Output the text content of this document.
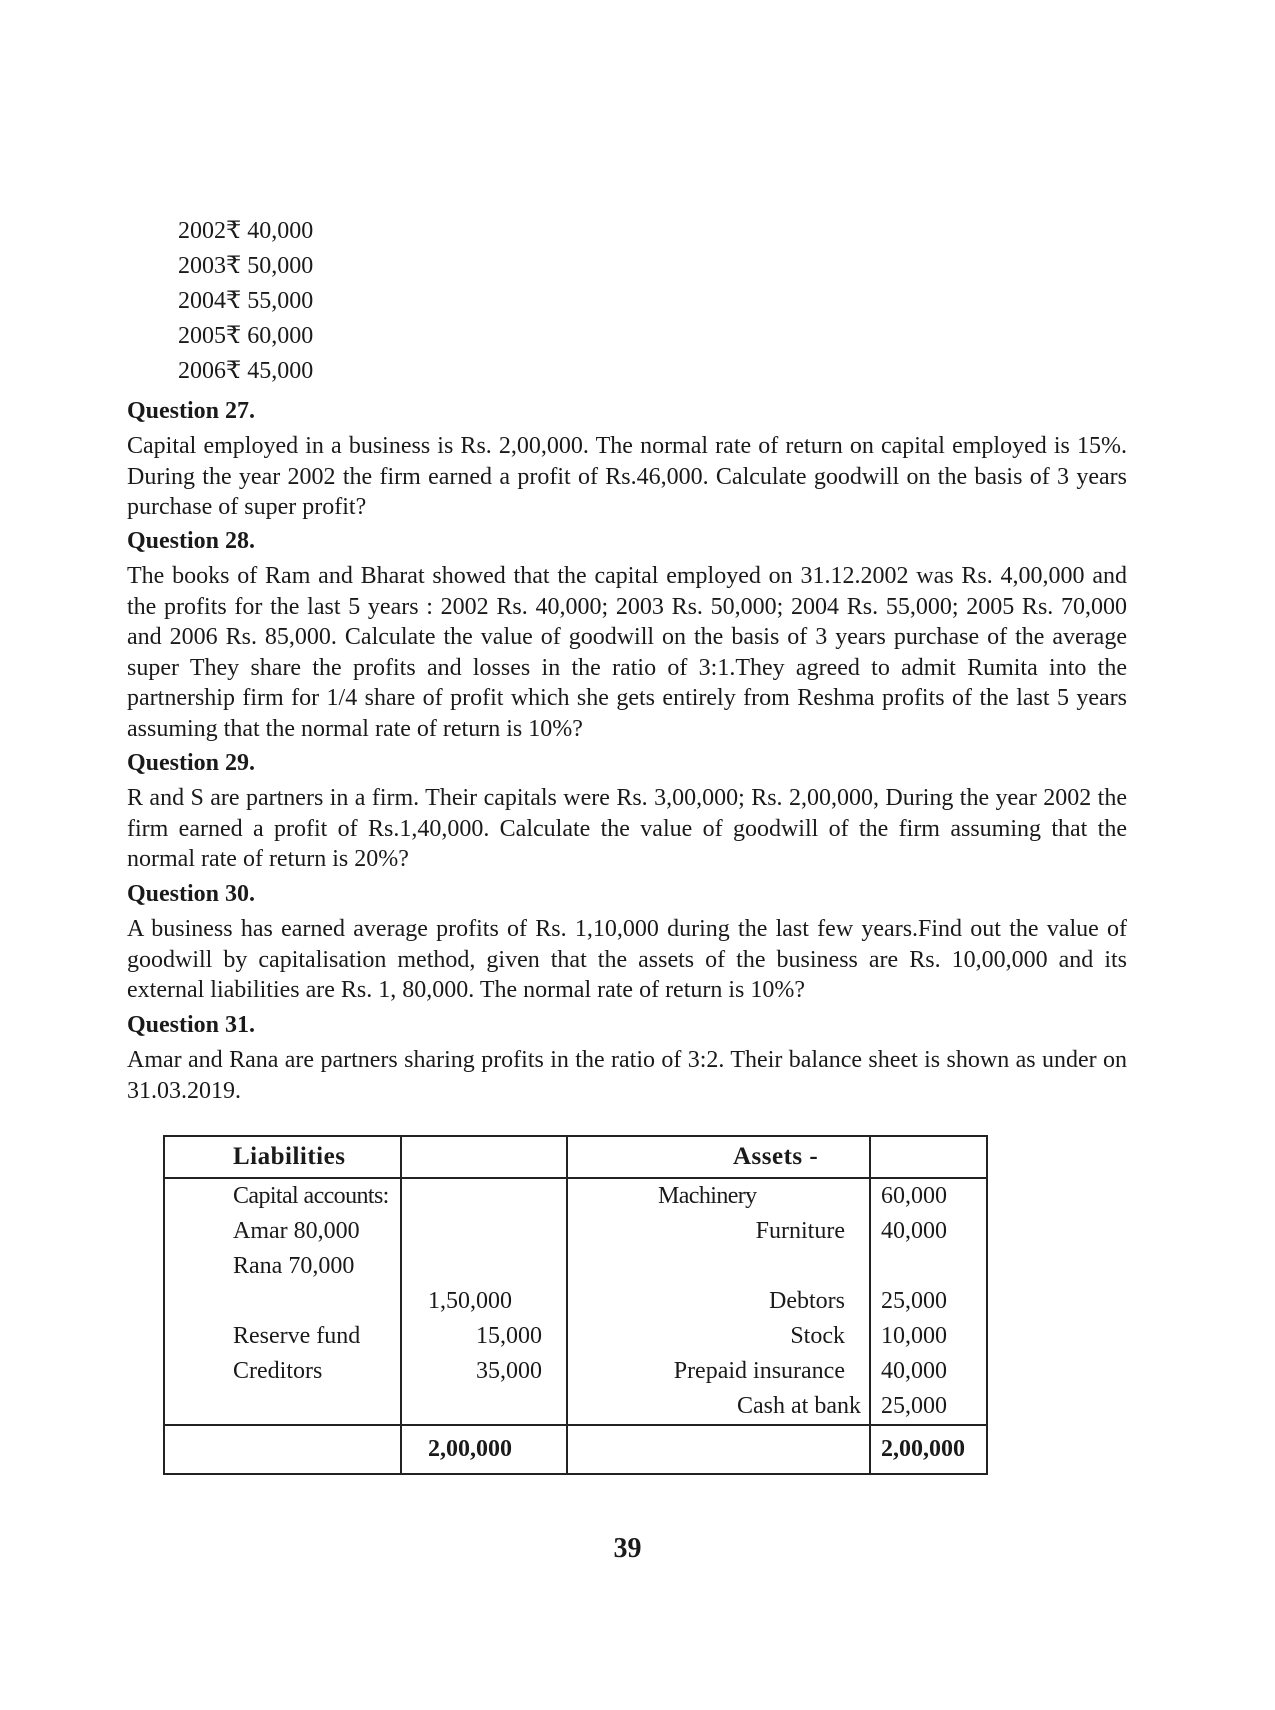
2002₹ 40,000
2003₹ 50,000
2004₹ 55,000
2005₹ 60,000
2006₹ 45,000
Question 27.
Capital employed in a business is Rs. 2,00,000. The normal rate of return on capital employed is 15%. During the year 2002 the firm earned a profit of Rs.46,000. Calculate goodwill on the basis of 3 years purchase of super profit?
Question 28.
The books of Ram and Bharat showed that the capital employed on 31.12.2002 was Rs. 4,00,000 and the profits for the last 5 years : 2002 Rs. 40,000; 2003 Rs. 50,000; 2004 Rs. 55,000; 2005 Rs. 70,000 and 2006 Rs. 85,000. Calculate the value of goodwill on the basis of 3 years purchase of the average super They share the profits and losses in the ratio of 3:1.They agreed to admit Rumita into the partnership firm for 1/4 share of profit which she gets entirely from Reshma profits of the last 5 years assuming that the normal rate of return is 10%?
Question 29.
R and S are partners in a firm. Their capitals were Rs. 3,00,000; Rs. 2,00,000, During the year 2002 the firm earned a profit of Rs.1,40,000. Calculate the value of goodwill of the firm assuming that the normal rate of return is 20%?
Question 30.
A business has earned average profits of Rs. 1,10,000 during the last few years.Find out the value of goodwill by capitalisation method, given that the assets of the business are Rs. 10,00,000 and its external liabilities are Rs. 1, 80,000. The normal rate of return is 10%?
Question 31.
Amar and Rana are partners sharing profits in the ratio of 3:2. Their balance sheet is shown as under on 31.03.2019.
Liabilities		Assets -	
Capital accounts:		Machinery	60,000
Amar 80,000		Furniture	40,000
Rana 70,000			
	1,50,000	Debtors	25,000
Reserve fund	15,000	Stock	10,000
Creditors	35,000	Prepaid insurance	40,000
		Cash at bank	25,000
	2,00,000		2,00,000
39
